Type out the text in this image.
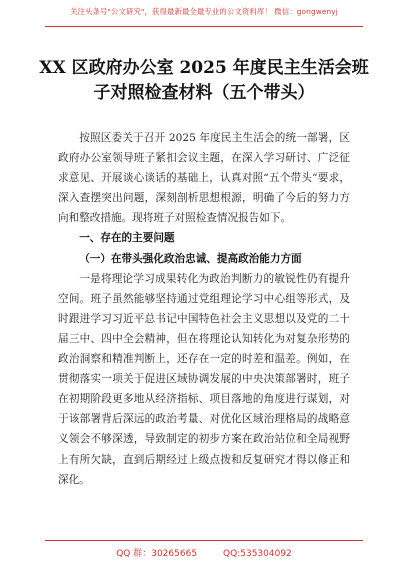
关注头条号"公文研究"，获得最新最全最专业的公文资料库！ 微信：gongwenyj
XX 区政府办公室 2025 年度民主生活会班
子对照检查材料（五个带头）

按照区委关于召开 2025 年度民主生活会的统一部署，区政府办公室领导班子紧扣会议主题，在深入学习研讨、广泛征求意见、开展谈心谈话的基础上，认真对照“五个带头”要求，深入查摆突出问题，深刻剖析思想根源，明确了今后的努力方向和整改措施。现将班子对照检查情况报告如下。

一、存在的主要问题
（一）在带头强化政治忠诚、提高政治能力方面

一是将理论学习成果转化为政治判断力的敏锐性仍有提升空间。班子虽然能够坚持通过党组理论学习中心组等形式，及时跟进学习习近平总书记中国特色社会主义思想以及党的二十届三中、四中全会精神，但在将理论认知转化为对复杂形势的政治洞察和精准判断上，还存在一定的时差和温差。例如，在贯彻落实一项关于促进区域协调发展的中央决策部署时，班子在初期阶段更多地从经济指标、项目落地的角度进行谋划，对于该部署背后深远的政治考量、对优化区域治理格局的战略意义领会不够深透，导致制定的初步方案在政治站位和全局视野上有所欠缺，直到后期经过上级点拨和反复研究才得以修正和深化。

QQ 群：30265665	QQ:535304092
